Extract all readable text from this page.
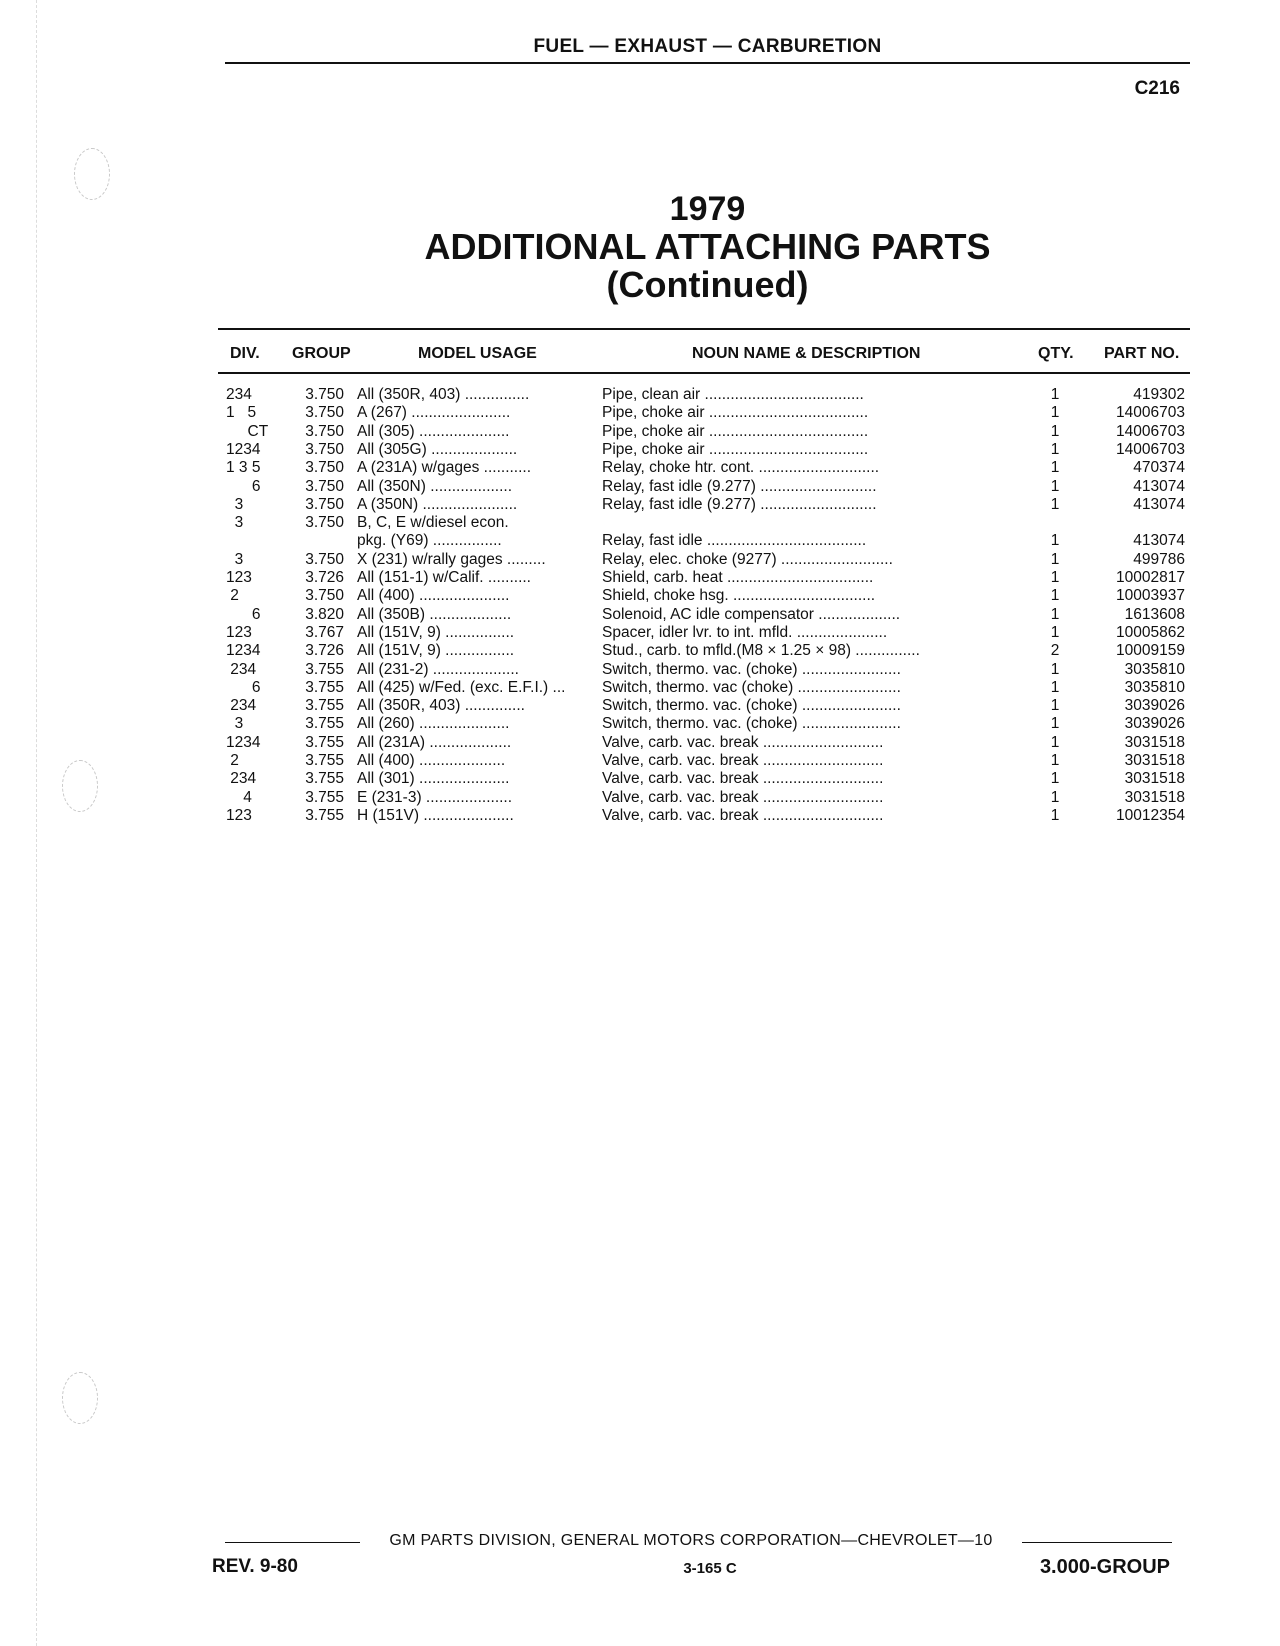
FUEL — EXHAUST — CARBURETION
C216
1979
ADDITIONAL ATTACHING PARTS
(Continued)
DIV. GROUP	MODEL USAGE	NOUN NAME & DESCRIPTION	QTY. PART NO.
234	3.750 All (350R, 403) ...............	Pipe, clean air .....................................	1	419302
1   5	3.750 A (267) .......................	Pipe, choke air .....................................	1	14006703
CT	3.750 All (305) .....................	Pipe, choke air .....................................	1	14006703
1234	3.750 All (305G) ....................	Pipe, choke air .....................................	1	14006703
1 3 5	3.750 A (231A) w/gages ...........	Relay, choke htr. cont. ............................	1	470374
6	3.750 All (350N) ...................	Relay, fast idle (9.277) ...........................	1	413074
3	3.750 A (350N) ......................	Relay, fast idle (9.277) ...........................	1	413074
3	3.750 B, C, E w/diesel econ.
pkg. (Y69) ................	Relay, fast idle .....................................	1	413074
3	3.750 X (231) w/rally gages .........	Relay, elec. choke (9277) ..........................	1	499786
123	3.726 All (151-1) w/Calif. ..........	Shield, carb. heat ..................................	1	10002817
2	3.750 All (400) .....................	Shield, choke hsg. .................................	1	10003937
6	3.820 All (350B) ...................	Solenoid, AC idle compensator ...................	1	1613608
123	3.767 All (151V, 9) ................	Spacer, idler lvr. to int. mfld. .....................	1	10005862
1234	3.726 All (151V, 9) ................	Stud., carb. to mfld.(M8 × 1.25 × 98) ...............	2	10009159
234	3.755 All (231-2) ....................	Switch, thermo. vac. (choke) .......................	1	3035810
6	3.755 All (425) w/Fed. (exc. E.F.I.) ...	Switch, thermo. vac (choke) ........................	1	3035810
234	3.755 All (350R, 403) ..............	Switch, thermo. vac. (choke) .......................	1	3039026
3	3.755 All (260) .....................	Switch, thermo. vac. (choke) .......................	1	3039026
1234	3.755 All (231A) ...................	Valve, carb. vac. break ............................	1	3031518
2	3.755 All (400) ....................	Valve, carb. vac. break ............................	1	3031518
234	3.755 All (301) .....................	Valve, carb. vac. break ............................	1	3031518
4	3.755 E (231-3) ....................	Valve, carb. vac. break ............................	1	3031518
123	3.755 H (151V) .....................	Valve, carb. vac. break ............................	1	10012354
GM PARTS DIVISION, GENERAL MOTORS CORPORATION—CHEVROLET—10
REV. 9-80	3-165 C	3.000-GROUP
